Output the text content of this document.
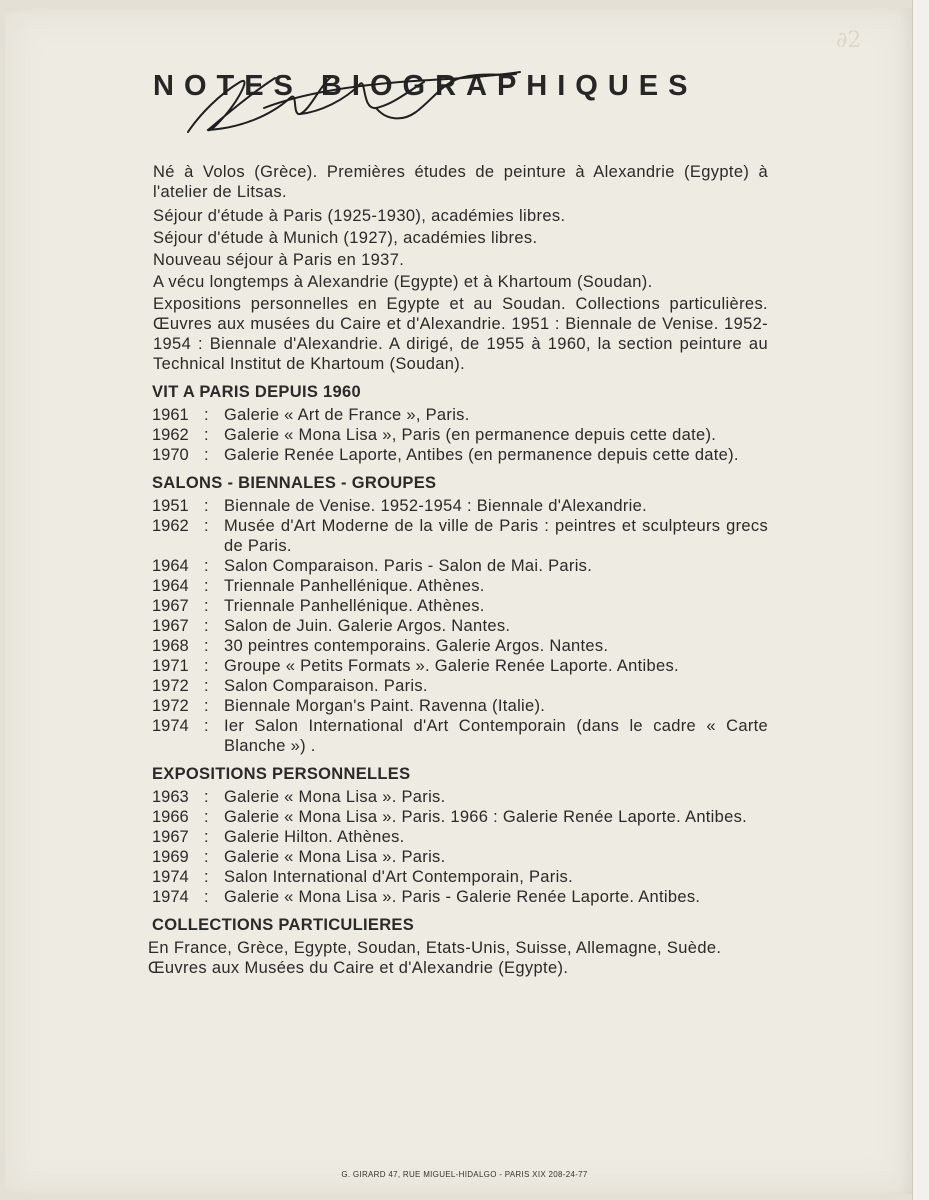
∂2
NOTES BIOGRAPHIQUES

Né à Volos (Grèce). Premières études de peinture à Alexandrie (Egypte) à l'atelier de Litsas.

Séjour d'étude à Paris (1925-1930), académies libres.

Séjour d'étude à Munich (1927), académies libres.

Nouveau séjour à Paris en 1937.

A vécu longtemps à Alexandrie (Egypte) et à Khartoum (Soudan).

Expositions personnelles en Egypte et au Soudan. Collections particulières. Œuvres aux musées du Caire et d'Alexandrie. 1951 : Biennale de Venise. 1952-1954 : Biennale d'Alexandrie. A dirigé, de 1955 à 1960, la section peinture au Technical Institut de Khartoum (Soudan).

VIT A PARIS DEPUIS 1960
1961 : Galerie « Art de France », Paris.
1962 : Galerie « Mona Lisa », Paris (en permanence depuis cette date).
1970 : Galerie Renée Laporte, Antibes (en permanence depuis cette date).
SALONS - BIENNALES - GROUPES
1951 : Biennale de Venise. 1952-1954 : Biennale d'Alexandrie.
1962 : Musée d'Art Moderne de la ville de Paris : peintres et sculpteurs grecs de Paris.
1964 : Salon Comparaison. Paris - Salon de Mai. Paris.
1964 : Triennale Panhellénique. Athènes.
1967 : Triennale Panhellénique. Athènes.
1967 : Salon de Juin. Galerie Argos. Nantes.
1968 : 30 peintres contemporains. Galerie Argos. Nantes.
1971 : Groupe « Petits Formats ». Galerie Renée Laporte. Antibes.
1972 : Salon Comparaison. Paris.
1972 : Biennale Morgan's Paint. Ravenna (Italie).
1974 : Ier Salon International d'Art Contemporain (dans le cadre « Carte Blanche ») .
EXPOSITIONS PERSONNELLES
1963 : Galerie « Mona Lisa ». Paris.
1966 : Galerie « Mona Lisa ». Paris. 1966 : Galerie Renée Laporte. Antibes.
1967 : Galerie Hilton. Athènes.
1969 : Galerie « Mona Lisa ». Paris.
1974 : Salon International d'Art Contemporain, Paris.
1974 : Galerie « Mona Lisa ». Paris - Galerie Renée Laporte. Antibes.
COLLECTIONS PARTICULIERES

En France, Grèce, Egypte, Soudan, Etats-Unis, Suisse, Allemagne, Suède.

Œuvres aux Musées du Caire et d'Alexandrie (Egypte).

G. GIRARD 47, RUE MIGUEL-HIDALGO - PARIS XIX 208-24-77
